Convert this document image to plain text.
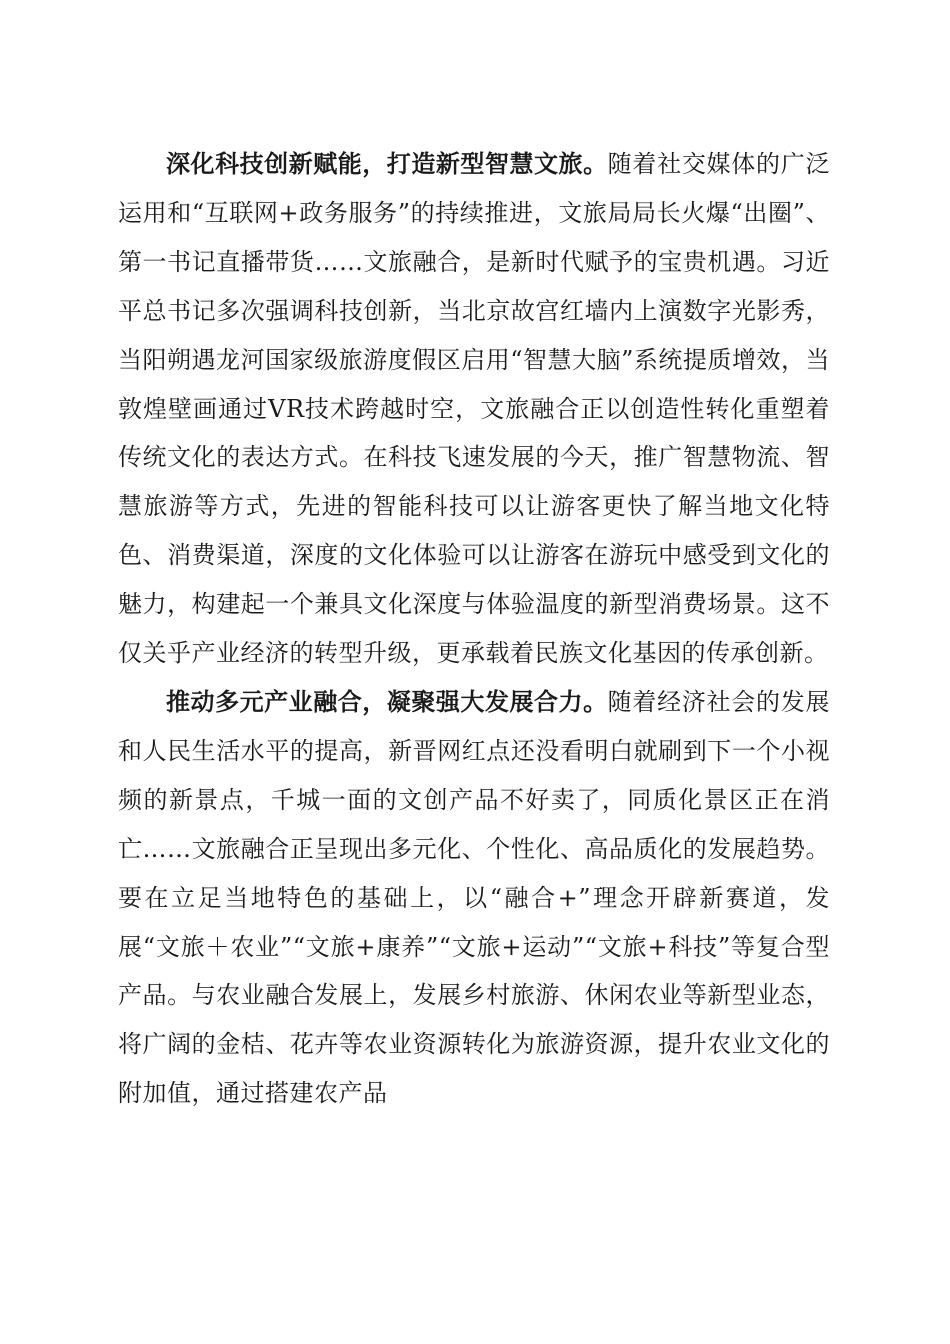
深化科技创新赋能，打造新型智慧文旅。随着社交媒体的广泛运用和“互联网+政务服务”的持续推进，文旅局局长火爆“出圈”、第一书记直播带货……文旅融合，是新时代赋予的宝贵机遇。习近平总书记多次强调科技创新，当北京故宫红墙内上演数字光影秀，当阳朔遇龙河国家级旅游度假区启用“智慧大脑”系统提质增效，当敦煌壁画通过VR技术跨越时空，文旅融合正以创造性转化重塑着传统文化的表达方式。在科技飞速发展的今天，推广智慧物流、智慧旅游等方式，先进的智能科技可以让游客更快了解当地文化特色、消费渠道，深度的文化体验可以让游客在游玩中感受到文化的魅力，构建起一个兼具文化深度与体验温度的新型消费场景。这不仅关乎产业经济的转型升级，更承载着民族文化基因的传承创新。

推动多元产业融合，凝聚强大发展合力。随着经济社会的发展和人民生活水平的提高，新晋网红点还没看明白就刷到下一个小视频的新景点，千城一面的文创产品不好卖了，同质化景区正在消亡……文旅融合正呈现出多元化、个性化、高品质化的发展趋势。要在立足当地特色的基础上，以“融合+”理念开辟新赛道，发展“文旅＋农业”“文旅+康养”“文旅+运动”“文旅+科技”等复合型产品。与农业融合发展上，发展乡村旅游、休闲农业等新型业态，将广阔的金桔、花卉等农业资源转化为旅游资源，提升农业文化的附加值，通过搭建农产品
